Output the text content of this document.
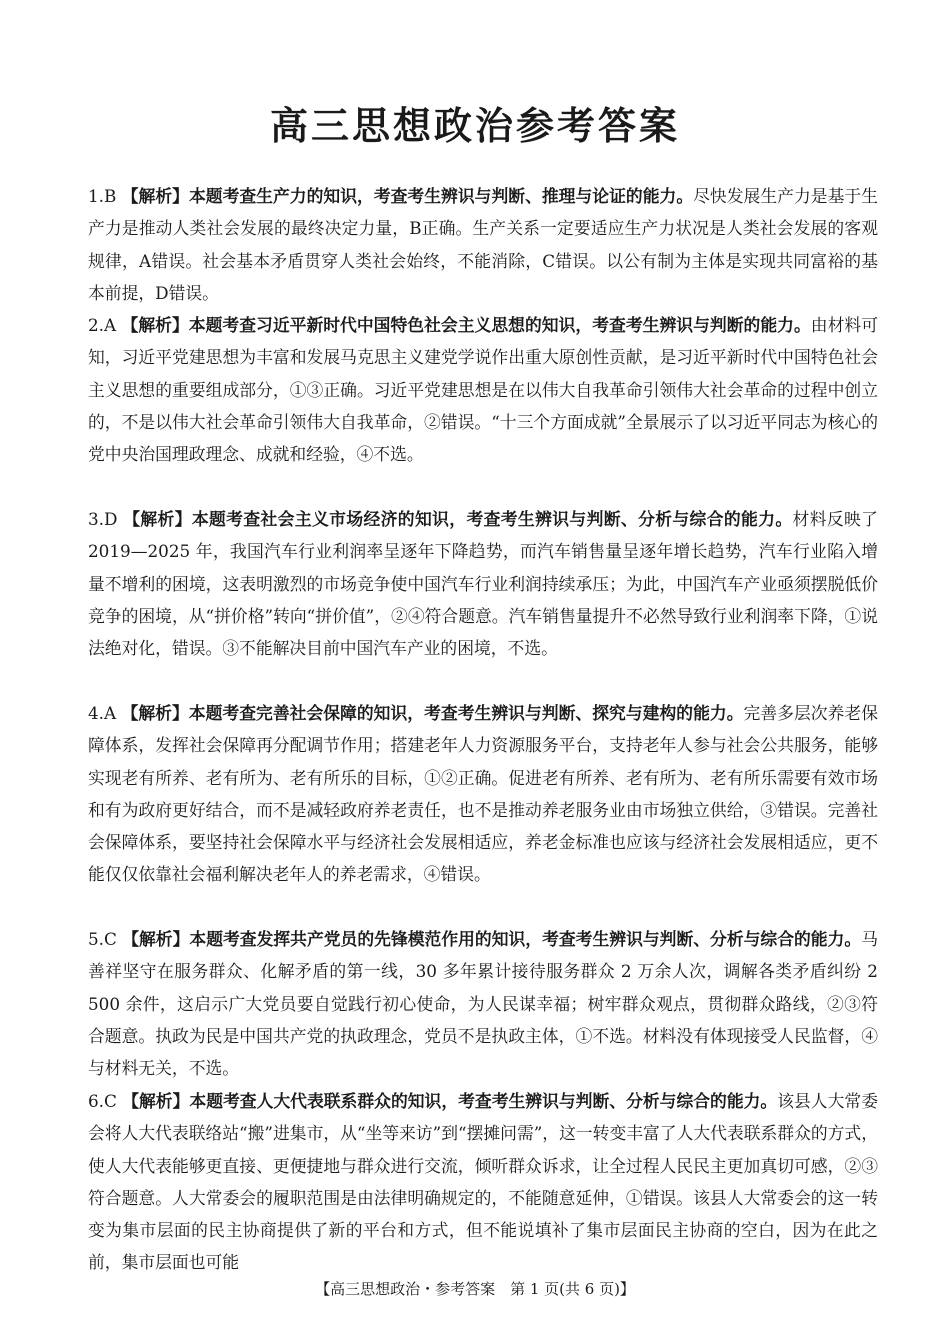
高三思想政治参考答案
1.B 【解析】本题考查生产力的知识，考查考生辨识与判断、推理与论证的能力。尽快发展生产力是基于生产力是推动人类社会发展的最终决定力量，B正确。生产关系一定要适应生产力状况是人类社会发展的客观规律，A错误。社会基本矛盾贯穿人类社会始终，不能消除，C错误。以公有制为主体是实现共同富裕的基本前提，D错误。
2.A 【解析】本题考查习近平新时代中国特色社会主义思想的知识，考查考生辨识与判断的能力。由材料可知，习近平党建思想为丰富和发展马克思主义建党学说作出重大原创性贡献，是习近平新时代中国特色社会主义思想的重要组成部分，①③正确。习近平党建思想是在以伟大自我革命引领伟大社会革命的过程中创立的，不是以伟大社会革命引领伟大自我革命，②错误。“十三个方面成就”全景展示了以习近平同志为核心的党中央治国理政理念、成就和经验，④不选。
3.D 【解析】本题考查社会主义市场经济的知识，考查考生辨识与判断、分析与综合的能力。材料反映了 2019—2025 年，我国汽车行业利润率呈逐年下降趋势，而汽车销售量呈逐年增长趋势，汽车行业陷入增量不增利的困境，这表明激烈的市场竞争使中国汽车行业利润持续承压；为此，中国汽车产业亟须摆脱低价竞争的困境，从“拼价格”转向“拼价值”，②④符合题意。汽车销售量提升不必然导致行业利润率下降，①说法绝对化，错误。③不能解决目前中国汽车产业的困境，不选。
4.A 【解析】本题考查完善社会保障的知识，考查考生辨识与判断、探究与建构的能力。完善多层次养老保障体系，发挥社会保障再分配调节作用；搭建老年人力资源服务平台，支持老年人参与社会公共服务，能够实现老有所养、老有所为、老有所乐的目标，①②正确。促进老有所养、老有所为、老有所乐需要有效市场和有为政府更好结合，而不是减轻政府养老责任，也不是推动养老服务业由市场独立供给，③错误。完善社会保障体系，要坚持社会保障水平与经济社会发展相适应，养老金标准也应该与经济社会发展相适应，更不能仅仅依靠社会福利解决老年人的养老需求，④错误。
5.C 【解析】本题考查发挥共产党员的先锋模范作用的知识，考查考生辨识与判断、分析与综合的能力。马善祥坚守在服务群众、化解矛盾的第一线，30 多年累计接待服务群众 2 万余人次，调解各类矛盾纠纷 2 500 余件，这启示广大党员要自觉践行初心使命，为人民谋幸福；树牢群众观点，贯彻群众路线，②③符合题意。执政为民是中国共产党的执政理念，党员不是执政主体，①不选。材料没有体现接受人民监督，④与材料无关，不选。
6.C 【解析】本题考查人大代表联系群众的知识，考查考生辨识与判断、分析与综合的能力。该县人大常委会将人大代表联络站“搬”进集市，从“坐等来访”到“摆摊问需”，这一转变丰富了人大代表联系群众的方式，使人大代表能够更直接、更便捷地与群众进行交流，倾听群众诉求，让全过程人民民主更加真切可感，②③符合题意。人大常委会的履职范围是由法律明确规定的，不能随意延伸，①错误。该县人大常委会的这一转变为集市层面的民主协商提供了新的平台和方式，但不能说填补了集市层面民主协商的空白，因为在此之前，集市层面也可能
【高三思想政治・参考答案　第 1 页(共 6 页)】
